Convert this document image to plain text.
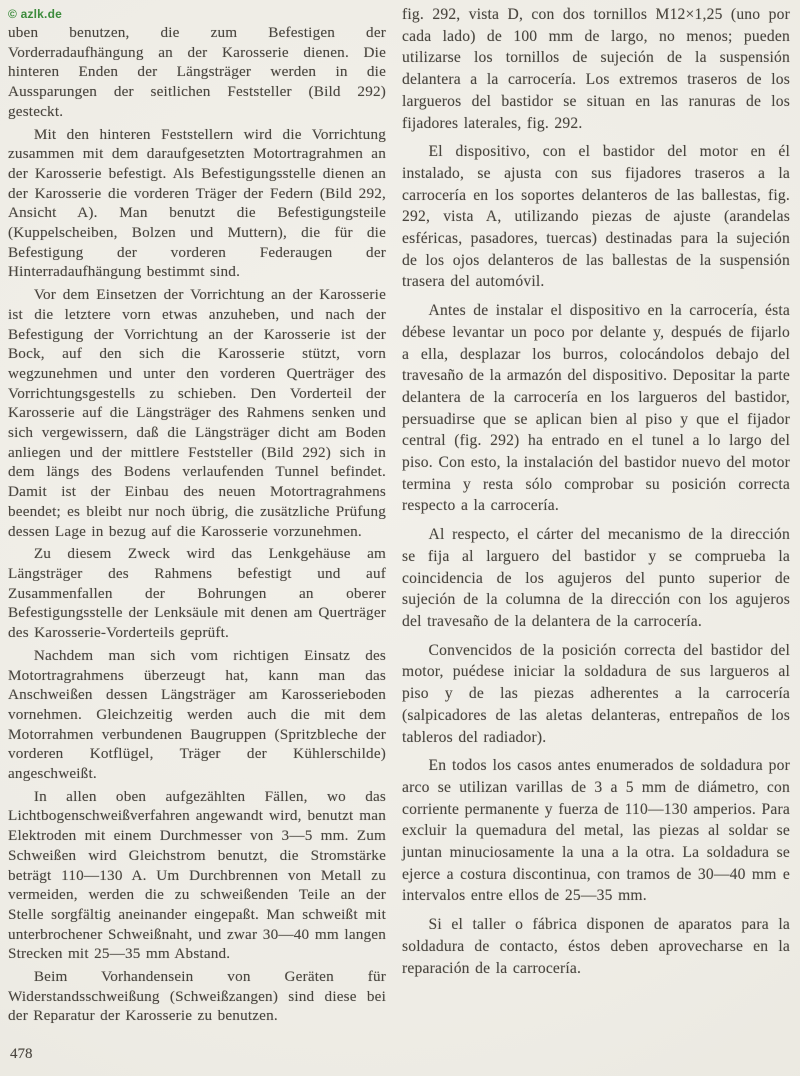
© azlk.de

uben benutzen, die zum Befestigen der Vorderradaufhängung an der Karosserie dienen. Die hinteren Enden der Längsträger werden in die Aussparungen der seitlichen Feststeller (Bild 292) gesteckt.

Mit den hinteren Feststellern wird die Vorrichtung zusammen mit dem daraufgesetzten Motortragrahmen an der Karosserie befestigt. Als Befestigungsstelle dienen an der Karosserie die vorderen Träger der Federn (Bild 292, Ansicht A). Man benutzt die Befestigungsteile (Kuppelscheiben, Bolzen und Muttern), die für die Befestigung der vorderen Federaugen der Hinterradaufhängung bestimmt sind.

Vor dem Einsetzen der Vorrichtung an der Karosserie ist die letztere vorn etwas anzuheben, und nach der Befestigung der Vorrichtung an der Karosserie ist der Bock, auf den sich die Karosserie stützt, vorn wegzunehmen und unter den vorderen Querträger des Vorrichtungsgestells zu schieben. Den Vorderteil der Karosserie auf die Längsträger des Rahmens senken und sich vergewissern, daß die Längsträger dicht am Boden anliegen und der mittlere Feststeller (Bild 292) sich in dem längs des Bodens verlaufenden Tunnel befindet. Damit ist der Einbau des neuen Motortragrahmens beendet; es bleibt nur noch übrig, die zusätzliche Prüfung dessen Lage in bezug auf die Karosserie vorzunehmen.

Zu diesem Zweck wird das Lenkgehäuse am Längsträger des Rahmens befestigt und auf Zusammenfallen der Bohrungen an oberer Befestigungsstelle der Lenksäule mit denen am Querträger des Karosserie-Vorderteils geprüft.

Nachdem man sich vom richtigen Einsatz des Motortragrahmens überzeugt hat, kann man das Anschweißen dessen Längsträger am Karosserieboden vornehmen. Gleichzeitig werden auch die mit dem Motorrahmen verbundenen Baugruppen (Spritzbleche der vorderen Kotflügel, Träger der Kühlerschilde) angeschweißt.

In allen oben aufgezählten Fällen, wo das Lichtbogenschweißverfahren angewandt wird, benutzt man Elektroden mit einem Durchmesser von 3—5 mm. Zum Schweißen wird Gleichstrom benutzt, die Stromstärke beträgt 110—130 A. Um Durchbrennen von Metall zu vermeiden, werden die zu schweißenden Teile an der Stelle sorgfältig aneinander eingepaßt. Man schweißt mit unterbrochener Schweißnaht, und zwar 30—40 mm langen Strecken mit 25—35 mm Abstand.

Beim Vorhandensein von Geräten für Widerstandsschweißung (Schweißzangen) sind diese bei der Reparatur der Karosserie zu benutzen.

fig. 292, vista D, con dos tornillos M12×1,25 (uno por cada lado) de 100 mm de largo, no menos; pueden utilizarse los tornillos de sujeción de la suspensión delantera a la carrocería. Los extremos traseros de los largueros del bastidor se situan en las ranuras de los fijadores laterales, fig. 292.

El dispositivo, con el bastidor del motor en él instalado, se ajusta con sus fijadores traseros a la carrocería en los soportes delanteros de las ballestas, fig. 292, vista A, utilizando piezas de ajuste (arandelas esféricas, pasadores, tuercas) destinadas para la sujeción de los ojos delanteros de las ballestas de la suspensión trasera del automóvil.

Antes de instalar el dispositivo en la carrocería, ésta débese levantar un poco por delante y, después de fijarlo a ella, desplazar los burros, colocándolos debajo del travesaño de la armazón del dispositivo. Depositar la parte delantera de la carrocería en los largueros del bastidor, persuadirse que se aplican bien al piso y que el fijador central (fig. 292) ha entrado en el tunel a lo largo del piso. Con esto, la instalación del bastidor nuevo del motor termina y resta sólo comprobar su posición correcta respecto a la carrocería.

Al respecto, el cárter del mecanismo de la dirección se fija al larguero del bastidor y se comprueba la coincidencia de los agujeros del punto superior de sujeción de la columna de la dirección con los agujeros del travesaño de la delantera de la carrocería.

Convencidos de la posición correcta del bastidor del motor, puédese iniciar la soldadura de sus largueros al piso y de las piezas adherentes a la carrocería (salpicadores de las aletas delanteras, entrepaños de los tableros del radiador).

En todos los casos antes enumerados de soldadura por arco se utilizan varillas de 3 a 5 mm de diámetro, con corriente permanente y fuerza de 110—130 amperios. Para excluir la quemadura del metal, las piezas al soldar se juntan minuciosamente la una a la otra. La soldadura se ejerce a costura discontinua, con tramos de 30—40 mm e intervalos entre ellos de 25—35 mm.

Si el taller o fábrica disponen de aparatos para la soldadura de contacto, éstos deben aprovecharse en la reparación de la carrocería.

478
